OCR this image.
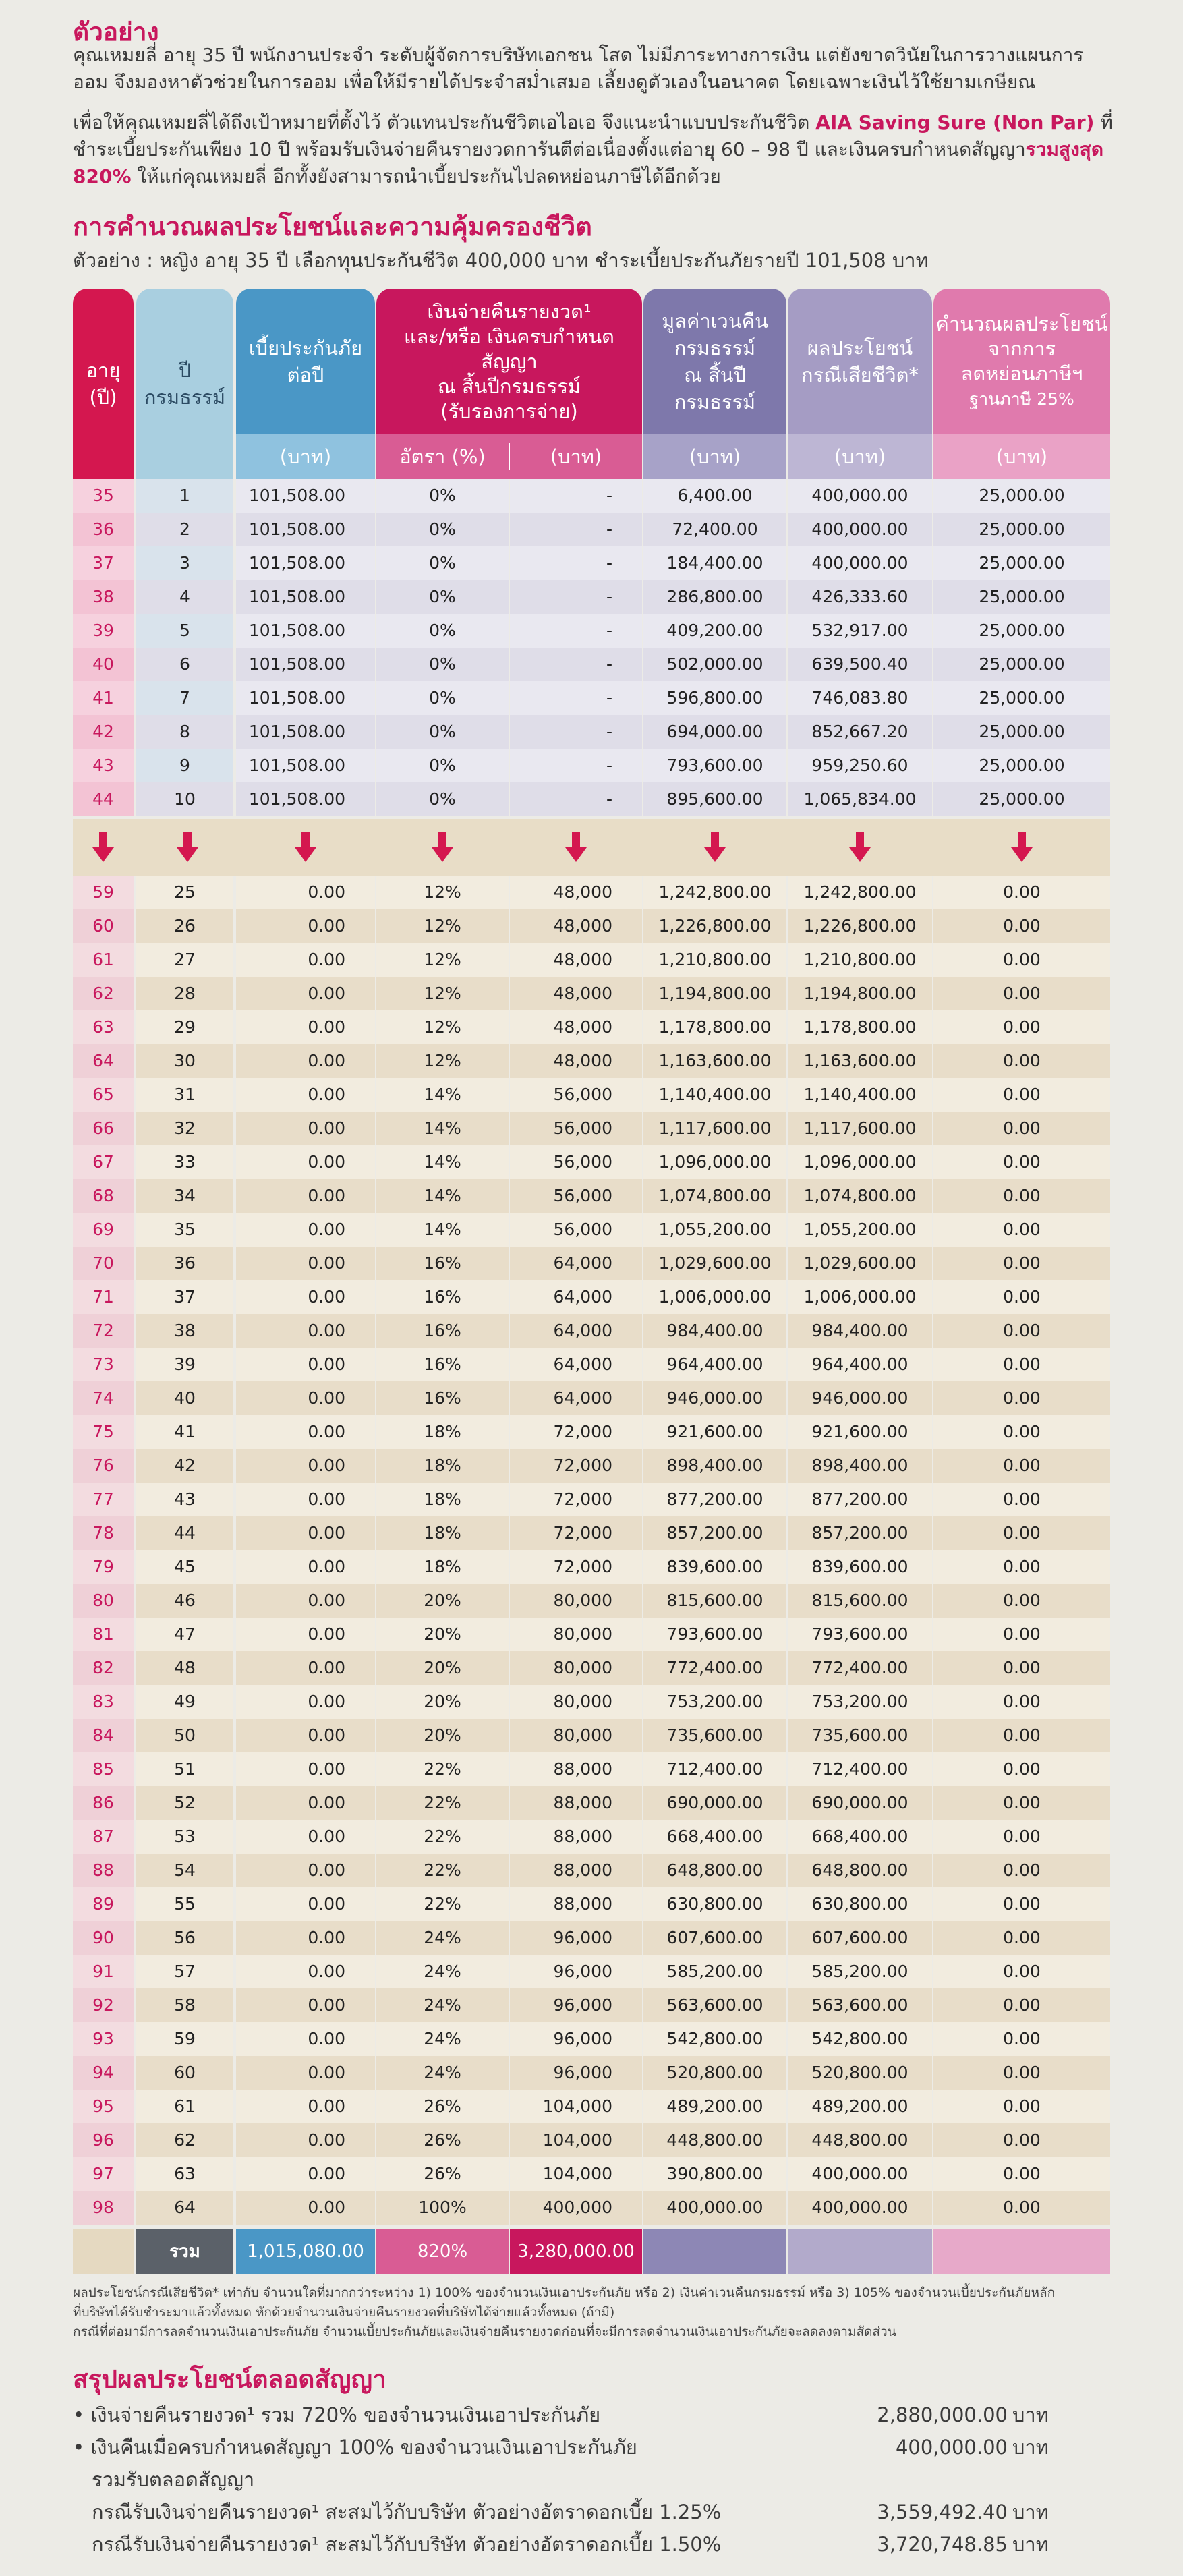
ตัวอย่าง
คุณเหมยลี่ อายุ 35 ปี พนักงานประจำ ระดับผู้จัดการบริษัทเอกชน โสด ไม่มีภาระทางการเงิน แต่ยังขาดวินัยในการวางแผนการออม จึงมองหาตัวช่วยในการออม เพื่อให้มีรายได้ประจำสม่ำเสมอ เลี้ยงดูตัวเองในอนาคต โดยเฉพาะเงินไว้ใช้ยามเกษียณ
เพื่อให้คุณเหมยลี่ได้ถึงเป้าหมายที่ตั้งไว้ ตัวแทนประกันชีวิตเอไอเอ จึงแนะนำแบบประกันชีวิต AIA Saving Sure (Non Par) ที่ชำระเบี้ยประกันเพียง 10 ปี พร้อมรับเงินจ่ายคืนรายงวดการันตีต่อเนื่องตั้งแต่อายุ 60 – 98 ปี และเงินครบกำหนดสัญญารวมสูงสุด 820% ให้แก่คุณเหมยลี่ อีกทั้งยังสามารถนำเบี้ยประกันไปลดหย่อนภาษีได้อีกด้วย
การคำนวณผลประโยชน์และความคุ้มครองชีวิต
ตัวอย่าง : หญิง อายุ 35 ปี เลือกทุนประกันชีวิต 400,000 บาท ชำระเบี้ยประกันภัยรายปี 101,508 บาท
อายุ
(ปี)
ปี
กรมธรรม์
เบี้ยประกันภัย
ต่อปี
(บาท)
เงินจ่ายคืนรายงวด¹
และ/หรือ เงินครบกำหนดสัญญา
ณ สิ้นปีกรมธรรม์
(รับรองการจ่าย)
อัตรา (%)	(บาท)
มูลค่าเวนคืน
กรมธรรม์
ณ สิ้นปี
กรมธรรม์
(บาท)
ผลประโยชน์
กรณีเสียชีวิต*
(บาท)
คำนวณผลประโยชน์
จากการ
ลดหย่อนภาษีฯ
ฐานภาษี 25%
(บาท)
35	1	101,508.00	0%	-	6,400.00	400,000.00	25,000.00
36	2	101,508.00	0%	-	72,400.00	400,000.00	25,000.00
37	3	101,508.00	0%	-	184,400.00	400,000.00	25,000.00
38	4	101,508.00	0%	-	286,800.00	426,333.60	25,000.00
39	5	101,508.00	0%	-	409,200.00	532,917.00	25,000.00
40	6	101,508.00	0%	-	502,000.00	639,500.40	25,000.00
41	7	101,508.00	0%	-	596,800.00	746,083.80	25,000.00
42	8	101,508.00	0%	-	694,000.00	852,667.20	25,000.00
43	9	101,508.00	0%	-	793,600.00	959,250.60	25,000.00
44	10	101,508.00	0%	-	895,600.00	1,065,834.00	25,000.00
59	25	0.00	12%	48,000	1,242,800.00	1,242,800.00	0.00
60	26	0.00	12%	48,000	1,226,800.00	1,226,800.00	0.00
61	27	0.00	12%	48,000	1,210,800.00	1,210,800.00	0.00
62	28	0.00	12%	48,000	1,194,800.00	1,194,800.00	0.00
63	29	0.00	12%	48,000	1,178,800.00	1,178,800.00	0.00
64	30	0.00	12%	48,000	1,163,600.00	1,163,600.00	0.00
65	31	0.00	14%	56,000	1,140,400.00	1,140,400.00	0.00
66	32	0.00	14%	56,000	1,117,600.00	1,117,600.00	0.00
67	33	0.00	14%	56,000	1,096,000.00	1,096,000.00	0.00
68	34	0.00	14%	56,000	1,074,800.00	1,074,800.00	0.00
69	35	0.00	14%	56,000	1,055,200.00	1,055,200.00	0.00
70	36	0.00	16%	64,000	1,029,600.00	1,029,600.00	0.00
71	37	0.00	16%	64,000	1,006,000.00	1,006,000.00	0.00
72	38	0.00	16%	64,000	984,400.00	984,400.00	0.00
73	39	0.00	16%	64,000	964,400.00	964,400.00	0.00
74	40	0.00	16%	64,000	946,000.00	946,000.00	0.00
75	41	0.00	18%	72,000	921,600.00	921,600.00	0.00
76	42	0.00	18%	72,000	898,400.00	898,400.00	0.00
77	43	0.00	18%	72,000	877,200.00	877,200.00	0.00
78	44	0.00	18%	72,000	857,200.00	857,200.00	0.00
79	45	0.00	18%	72,000	839,600.00	839,600.00	0.00
80	46	0.00	20%	80,000	815,600.00	815,600.00	0.00
81	47	0.00	20%	80,000	793,600.00	793,600.00	0.00
82	48	0.00	20%	80,000	772,400.00	772,400.00	0.00
83	49	0.00	20%	80,000	753,200.00	753,200.00	0.00
84	50	0.00	20%	80,000	735,600.00	735,600.00	0.00
85	51	0.00	22%	88,000	712,400.00	712,400.00	0.00
86	52	0.00	22%	88,000	690,000.00	690,000.00	0.00
87	53	0.00	22%	88,000	668,400.00	668,400.00	0.00
88	54	0.00	22%	88,000	648,800.00	648,800.00	0.00
89	55	0.00	22%	88,000	630,800.00	630,800.00	0.00
90	56	0.00	24%	96,000	607,600.00	607,600.00	0.00
91	57	0.00	24%	96,000	585,200.00	585,200.00	0.00
92	58	0.00	24%	96,000	563,600.00	563,600.00	0.00
93	59	0.00	24%	96,000	542,800.00	542,800.00	0.00
94	60	0.00	24%	96,000	520,800.00	520,800.00	0.00
95	61	0.00	26%	104,000	489,200.00	489,200.00	0.00
96	62	0.00	26%	104,000	448,800.00	448,800.00	0.00
97	63	0.00	26%	104,000	390,800.00	400,000.00	0.00
98	64	0.00	100%	400,000	400,000.00	400,000.00	0.00
รวม	1,015,080.00	820%	3,280,000.00
ผลประโยชน์กรณีเสียชีวิต* เท่ากับ จำนวนใดที่มากกว่าระหว่าง 1) 100% ของจำนวนเงินเอาประกันภัย หรือ 2) เงินค่าเวนคืนกรมธรรม์ หรือ 3) 105% ของจำนวนเบี้ยประกันภัยหลัก
ที่บริษัทได้รับชำระมาแล้วทั้งหมด หักด้วยจำนวนเงินจ่ายคืนรายงวดที่บริษัทได้จ่ายแล้วทั้งหมด (ถ้ามี)
กรณีที่ต่อมามีการลดจำนวนเงินเอาประกันภัย จำนวนเบี้ยประกันภัยและเงินจ่ายคืนรายงวดก่อนที่จะมีการลดจำนวนเงินเอาประกันภัยจะลดลงตามสัดส่วน
สรุปผลประโยชน์ตลอดสัญญา
• เงินจ่ายคืนรายงวด¹ รวม 720% ของจำนวนเงินเอาประกันภัย	2,880,000.00 บาท
• เงินคืนเมื่อครบกำหนดสัญญา 100% ของจำนวนเงินเอาประกันภัย	400,000.00 บาท
รวมรับตลอดสัญญา
กรณีรับเงินจ่ายคืนรายงวด¹ สะสมไว้กับบริษัท ตัวอย่างอัตราดอกเบี้ย 1.25%	3,559,492.40 บาท
กรณีรับเงินจ่ายคืนรายงวด¹ สะสมไว้กับบริษัท ตัวอย่างอัตราดอกเบี้ย 1.50%	3,720,748.85 บาท
